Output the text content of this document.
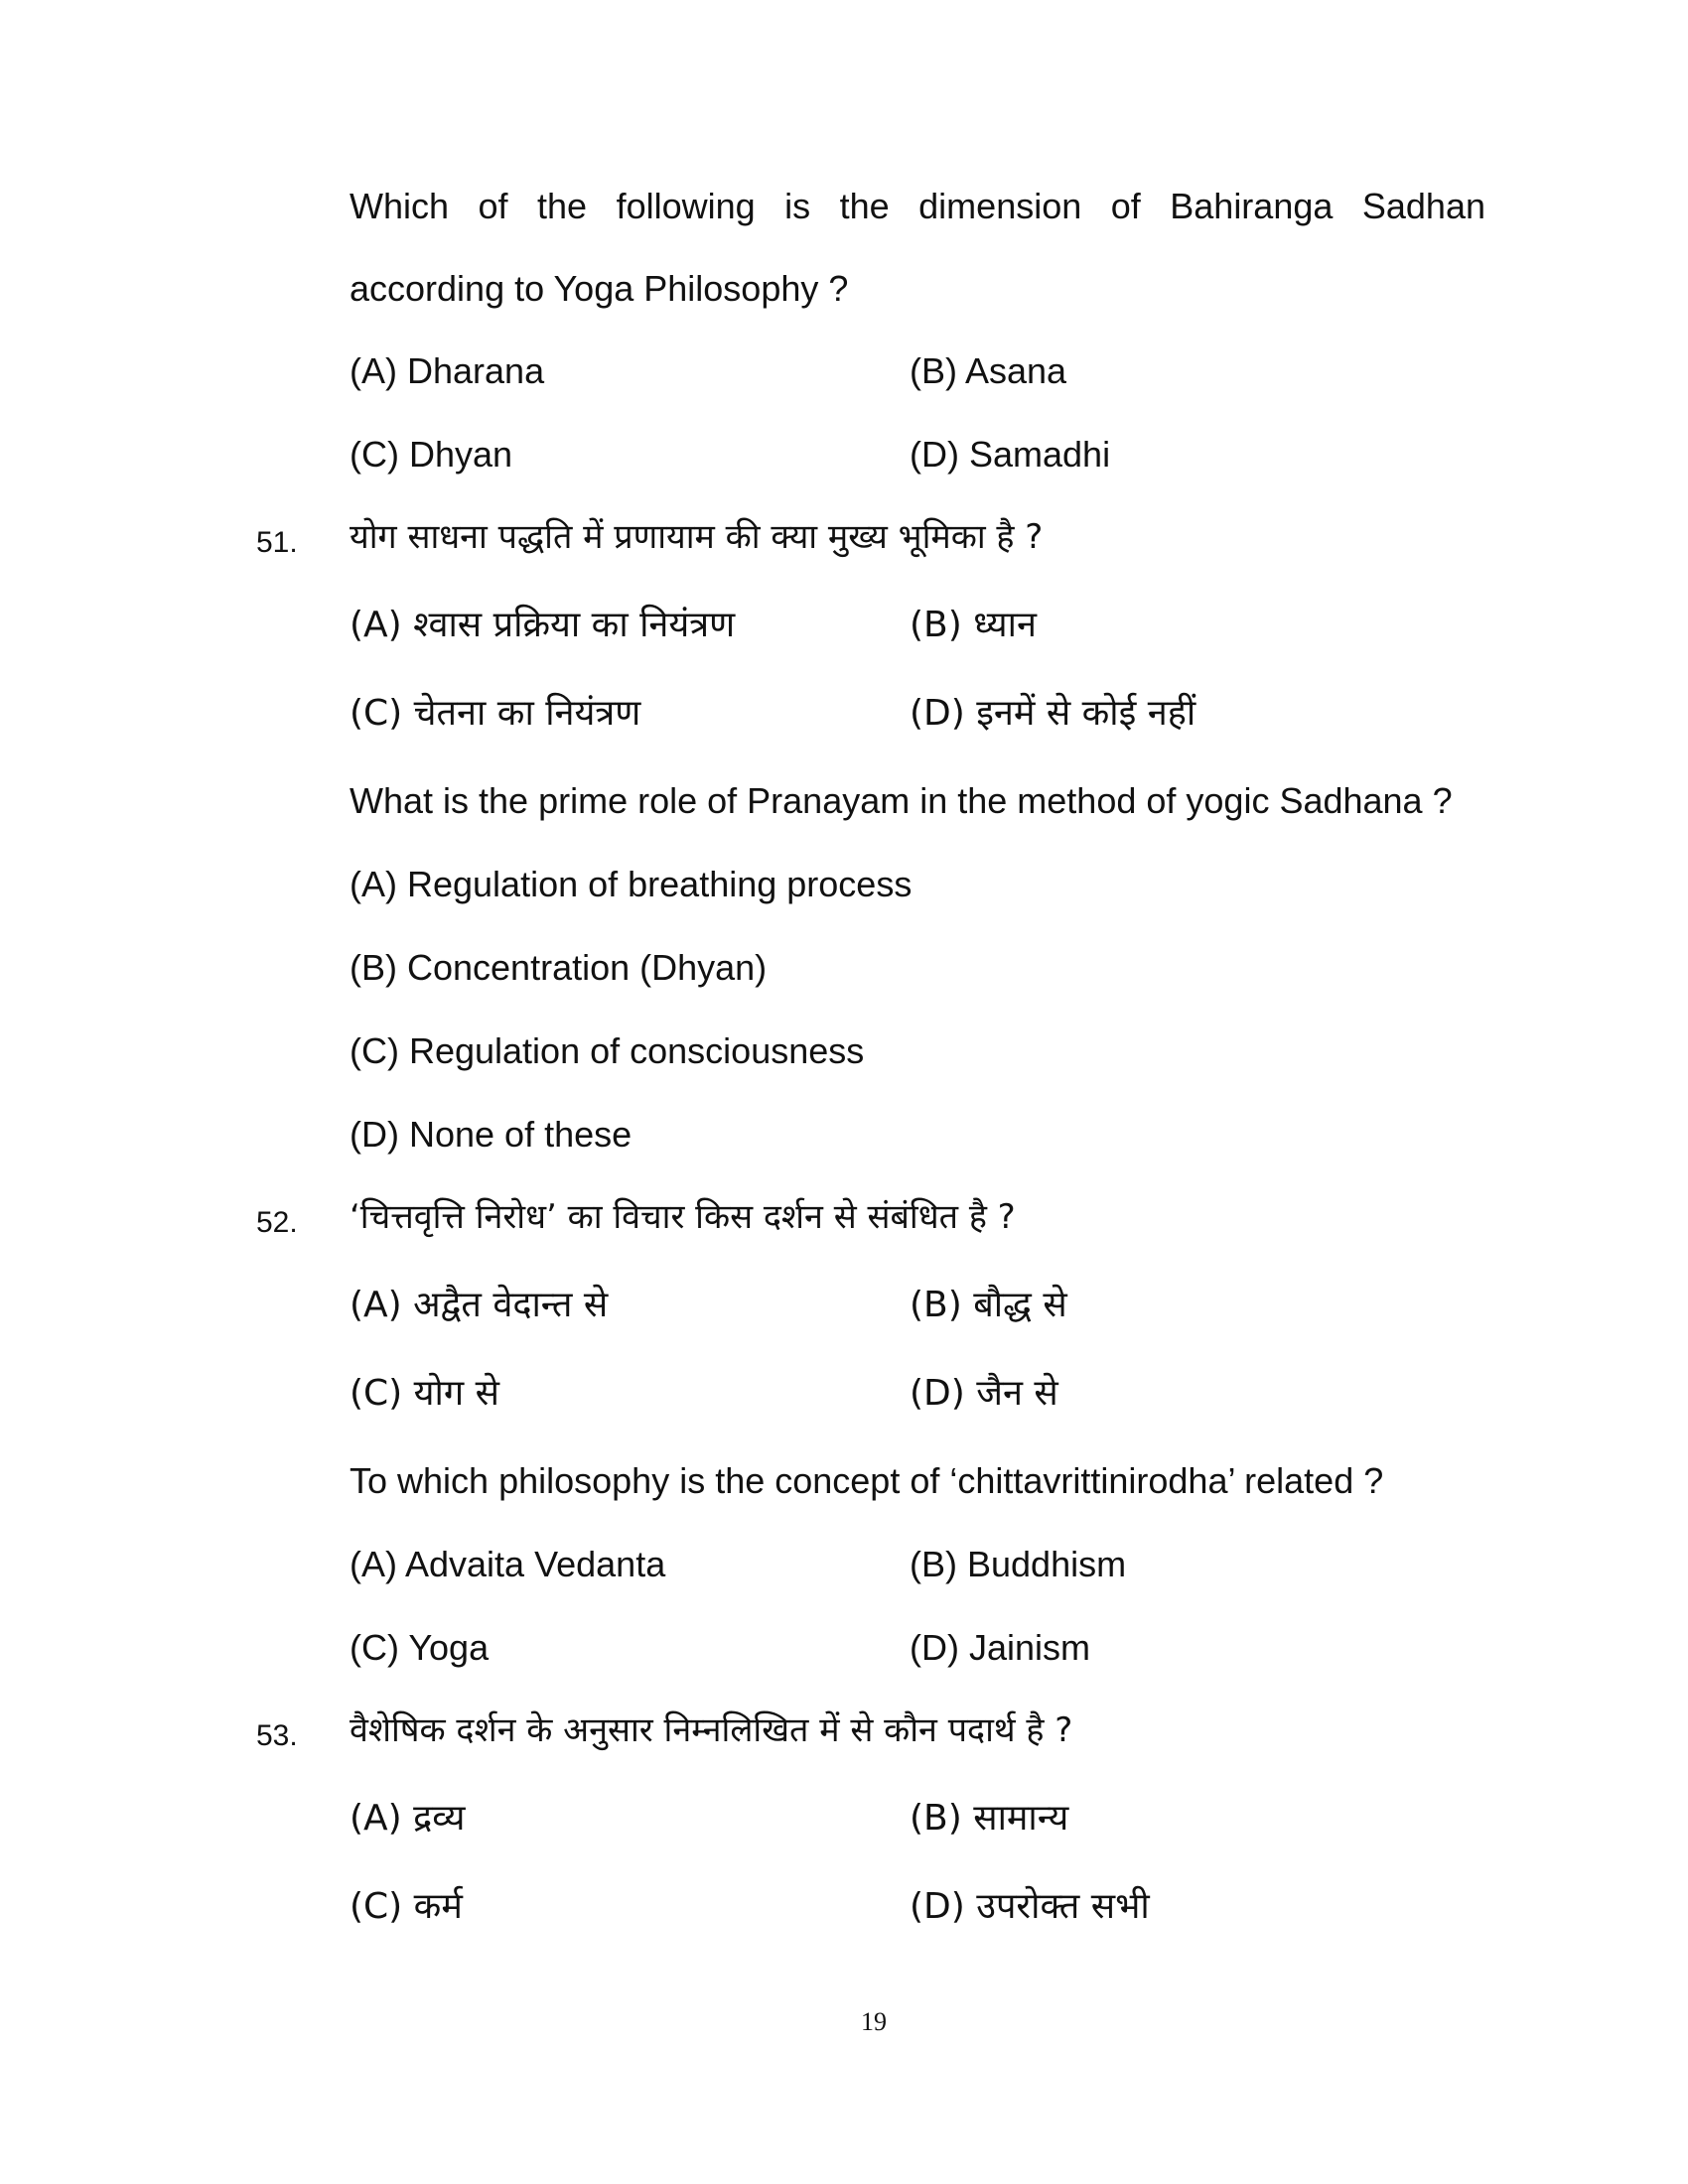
Which of the following is the dimension of Bahiranga Sadhan
according to Yoga Philosophy ?
(A) Dharana	(B) Asana
(C) Dhyan	(D) Samadhi
51. योग साधना पद्धति में प्रणायाम की क्या मुख्य भूमिका है ?
(A) श्वास प्रक्रिया का नियंत्रण	(B) ध्यान
(C) चेतना का नियंत्रण	(D) इनमें से कोई नहीं
What is the prime role of Pranayam in the method of yogic Sadhana ?
(A) Regulation of breathing process
(B) Concentration (Dhyan)
(C) Regulation of consciousness
(D) None of these
52. ‘चित्तवृत्ति निरोध’ का विचार किस दर्शन से संबंधित है ?
(A) अद्वैत वेदान्त से	(B) बौद्ध से
(C) योग से	(D) जैन से
To which philosophy is the concept of ‘chittavrittinirodha’ related ?
(A) Advaita Vedanta	(B) Buddhism
(C) Yoga	(D) Jainism
53. वैशेषिक दर्शन के अनुसार निम्नलिखित में से कौन पदार्थ है ?
(A) द्रव्य	(B) सामान्य
(C) कर्म	(D) उपरोक्त सभी
19
